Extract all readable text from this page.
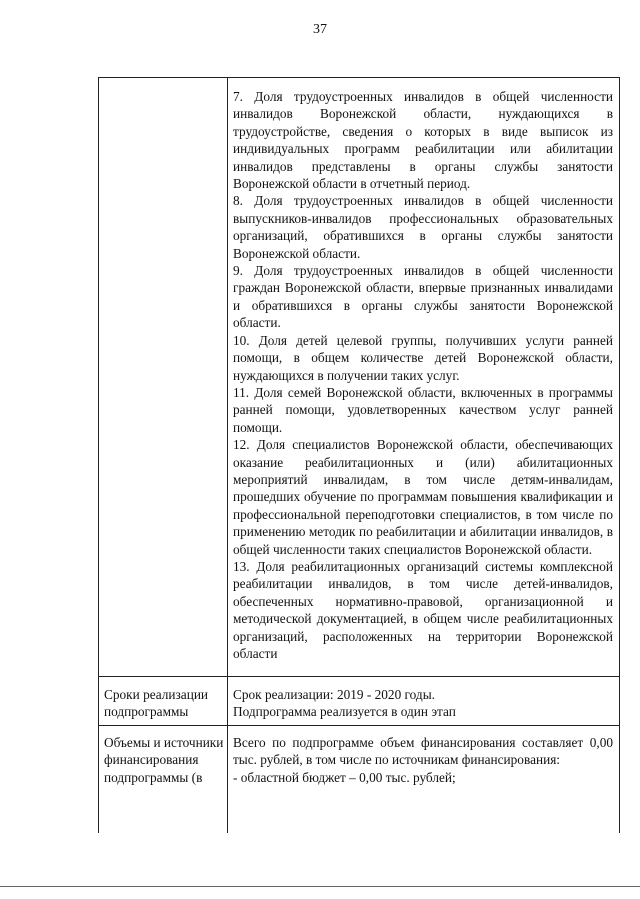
37
7. Доля трудоустроенных инвалидов в общей численности инвалидов Воронежской области, нуждающихся в трудоустройстве, сведения о которых в виде выписок из индивидуальных программ реабилитации или абилитации инвалидов представлены в органы службы занятости Воронежской области в отчетный период.
8. Доля трудоустроенных инвалидов в общей численности выпускников-инвалидов профессиональных образовательных организаций, обратившихся в органы службы занятости Воронежской области.
9. Доля трудоустроенных инвалидов в общей численности граждан Воронежской области, впервые признанных инвалидами и обратившихся в органы службы занятости Воронежской области.
10. Доля детей целевой группы, получивших услуги ранней помощи, в общем количестве детей Воронежской области, нуждающихся в получении таких услуг.
11. Доля семей Воронежской области, включенных в программы ранней помощи, удовлетворенных качеством услуг ранней помощи.
12. Доля специалистов Воронежской области, обеспечивающих оказание реабилитационных и (или) абилитационных мероприятий инвалидам, в том числе детям-инвалидам, прошедших обучение по программам повышения квалификации и профессиональной переподготовки специалистов, в том числе по применению методик по реабилитации и абилитации инвалидов, в общей численности таких специалистов Воронежской области.
13. Доля реабилитационных организаций системы комплексной реабилитации инвалидов, в том числе детей-инвалидов, обеспеченных нормативно-правовой, организационной и методической документацией, в общем числе реабилитационных организаций, расположенных на территории Воронежской области
Сроки реализации подпрограммы
Срок реализации: 2019 - 2020 годы.
Подпрограмма реализуется в один этап
Объемы и источники финансирования подпрограммы (в
Всего по подпрограмме объем финансирования составляет 0,00 тыс. рублей, в том числе по источникам финансирования:
- областной бюджет – 0,00 тыс. рублей;
